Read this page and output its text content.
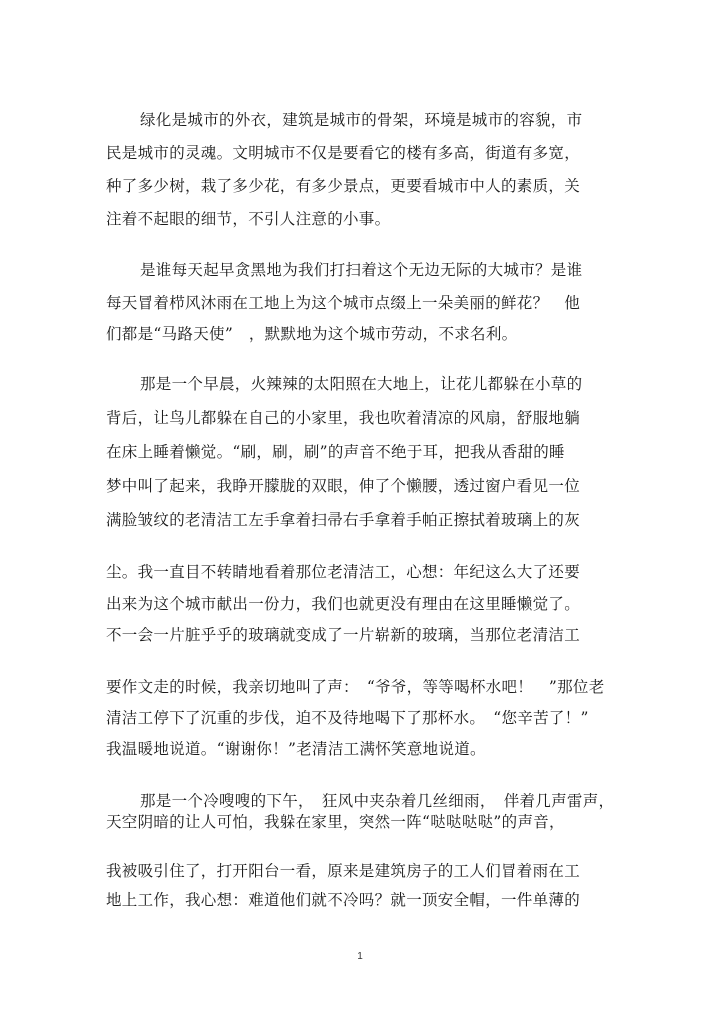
绿化是城市的外衣，建筑是城市的骨架，环境是城市的容貌，市
民是城市的灵魂。文明城市不仅是要看它的楼有多高，街道有多宽，
种了多少树，栽了多少花，有多少景点，更要看城市中人的素质，关
注着不起眼的细节，不引人注意的小事。
是谁每天起早贪黑地为我们打扫着这个无边无际的大城市？是谁
每天冒着栉风沐雨在工地上为这个城市点缀上一朵美丽的鲜花？　他
们都是“马路天使”　，默默地为这个城市劳动，不求名利。
那是一个早晨，火辣辣的太阳照在大地上，让花儿都躲在小草的
背后，让鸟儿都躲在自己的小家里，我也吹着清凉的风扇，舒服地躺
在床上睡着懒觉。“刷，刷，刷”的声音不绝于耳，把我从香甜的睡
梦中叫了起来，我睁开朦胧的双眼，伸了个懒腰，透过窗户看见一位
满脸皱纹的老清洁工左手拿着扫帚右手拿着手帕正擦拭着玻璃上的灰
尘。我一直目不转睛地看着那位老清洁工，心想：年纪这么大了还要
出来为这个城市献出一份力，我们也就更没有理由在这里睡懒觉了。
不一会一片脏乎乎的玻璃就变成了一片崭新的玻璃，当那位老清洁工
要作文走的时候，我亲切地叫了声：　“爷爷，等等喝杯水吧！　”那位老
清洁工停下了沉重的步伐，迫不及待地喝下了那杯水。　“您辛苦了！”
我温暖地说道。“谢谢你！”老清洁工满怀笑意地说道。
那是一个冷嗖嗖的下午，　狂风中夹杂着几丝细雨，　伴着几声雷声，
天空阴暗的让人可怕，我躲在家里，突然一阵“哒哒哒哒”的声音，
我被吸引住了，打开阳台一看，原来是建筑房子的工人们冒着雨在工
地上工作，我心想：难道他们就不冷吗？就一顶安全帽，一件单薄的
1
